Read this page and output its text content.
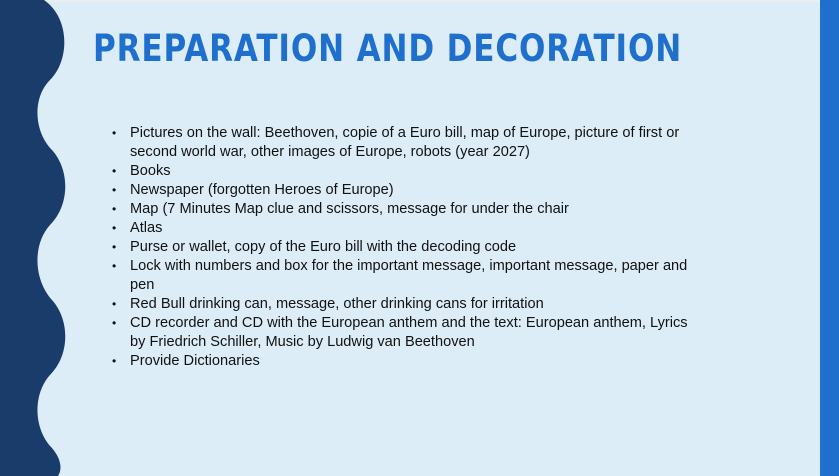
PREPARATION AND DECORATION
• Pictures on the wall: Beethoven, copie of a Euro bill, map of Europe, picture of first or second world war, other images of Europe, robots (year 2027)
• Books
• Newspaper (forgotten Heroes of Europe)
• Map (7 Minutes Map clue and scissors, message for under the chair
• Atlas
• Purse or wallet, copy of the Euro bill with the decoding code
• Lock with numbers and box for the important message, important message, paper and pen
• Red Bull drinking can, message, other drinking cans for irritation
• CD recorder and CD with the European anthem and the text: European anthem, Lyrics by Friedrich Schiller, Music by Ludwig van Beethoven
• Provide Dictionaries
